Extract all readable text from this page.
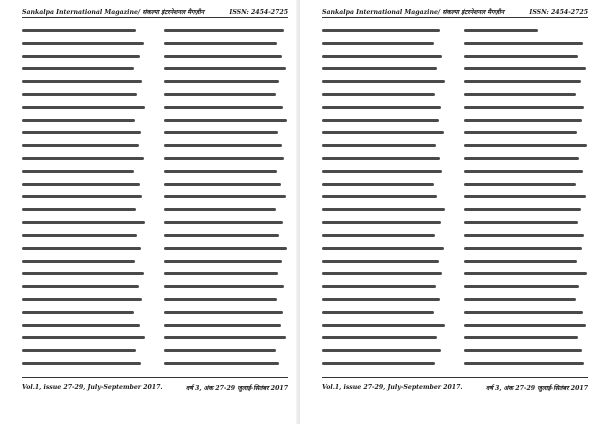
Sankalpa International Magazine/ संकल्पा इंटरनेशनल मैगज़ीन	ISSN: 2454-2725
Vol.1, issue 27-29, July-September 2017.	वर्ष 3, अंक 27-29 जुलाई-सितंबर 2017
Sankalpa International Magazine/ संकल्पा इंटरनेशनल मैगज़ीन	ISSN: 2454-2725
Vol.1, issue 27-29, July-September 2017.	वर्ष 3, अंक 27-29 जुलाई-सितंबर 2017
